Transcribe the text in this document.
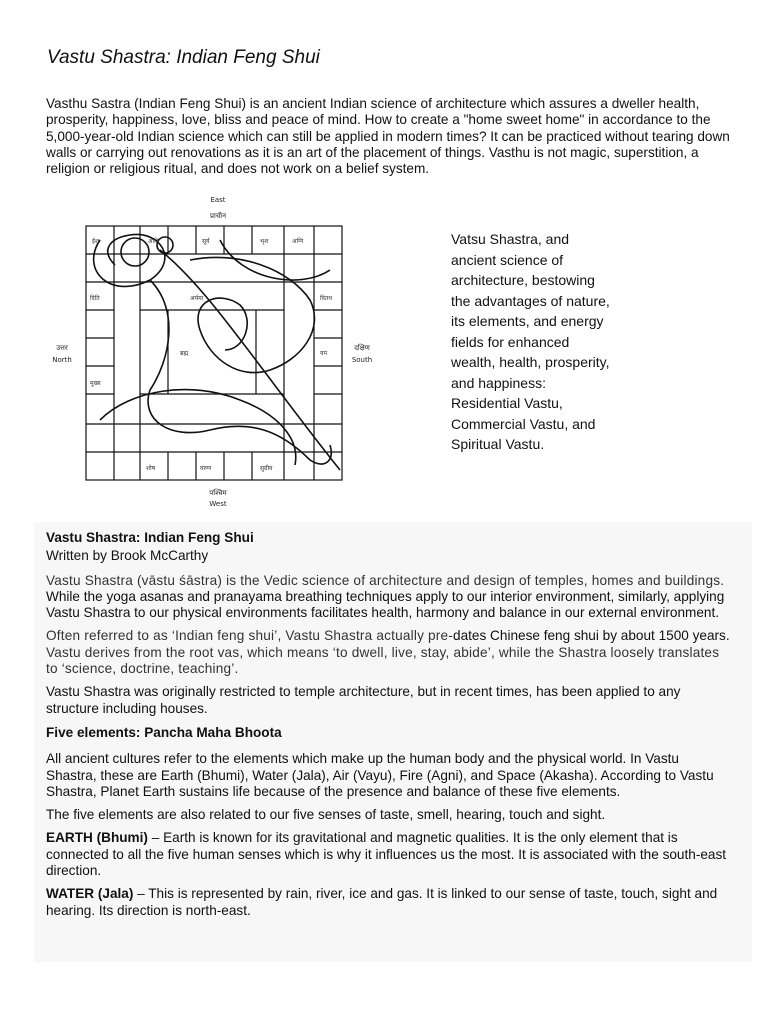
Vastu Shastra: Indian Feng Shui

Vasthu Sastra (Indian Feng Shui) is an ancient Indian science of architecture which assures a dweller health, prosperity, happiness, love, bliss and peace of mind. How to create a "home sweet home" in accordance to the 5,000-year-old Indian science which can still be applied in modern times? It can be practiced without tearing down walls or carrying out renovations as it is an art of the placement of things. Vasthu is not magic, superstition, a religion or religious ritual, and does not work on a belief system.

East
प्राचीन
पश्चिम
West
उत्तर
North
दक्षिण
South
ईश	आदि	सूर्य	भृश	अग्नि
दिति	वितथ
यम
मुख्य
शोष	वरुण	सुग्रीव
ब्रह्म
अर्यमा

Vatsu Shastra, and ancient science of architecture, bestowing the advantages of nature, its elements, and energy fields for enhanced wealth, health, prosperity, and happiness: Residential Vastu, Commercial Vastu, and Spiritual Vastu.

Vastu Shastra: Indian Feng Shui

Written by Brook McCarthy

Vastu Shastra (vāstu śāstra) is the Vedic science of architecture and design of temples, homes and buildings. While the yoga asanas and pranayama breathing techniques apply to our interior environment, similarly, applying Vastu Shastra to our physical environments facilitates health, harmony and balance in our external environment.

Often referred to as ‘Indian feng shui’, Vastu Shastra actually pre-dates Chinese feng shui by about 1500 years. Vastu derives from the root vas, which means ‘to dwell, live, stay, abide’, while the Shastra loosely translates to ‘science, doctrine, teaching’.

Vastu Shastra was originally restricted to temple architecture, but in recent times, has been applied to any structure including houses.

Five elements: Pancha Maha Bhoota

All ancient cultures refer to the elements which make up the human body and the physical world. In Vastu Shastra, these are Earth (Bhumi), Water (Jala), Air (Vayu), Fire (Agni), and Space (Akasha). According to Vastu Shastra, Planet Earth sustains life because of the presence and balance of these five elements.

The five elements are also related to our five senses of taste, smell, hearing, touch and sight.

EARTH (Bhumi) – Earth is known for its gravitational and magnetic qualities. It is the only element that is connected to all the five human senses which is why it influences us the most. It is associated with the south-east direction.

WATER (Jala) – This is represented by rain, river, ice and gas. It is linked to our sense of taste, touch, sight and hearing. Its direction is north-east.
